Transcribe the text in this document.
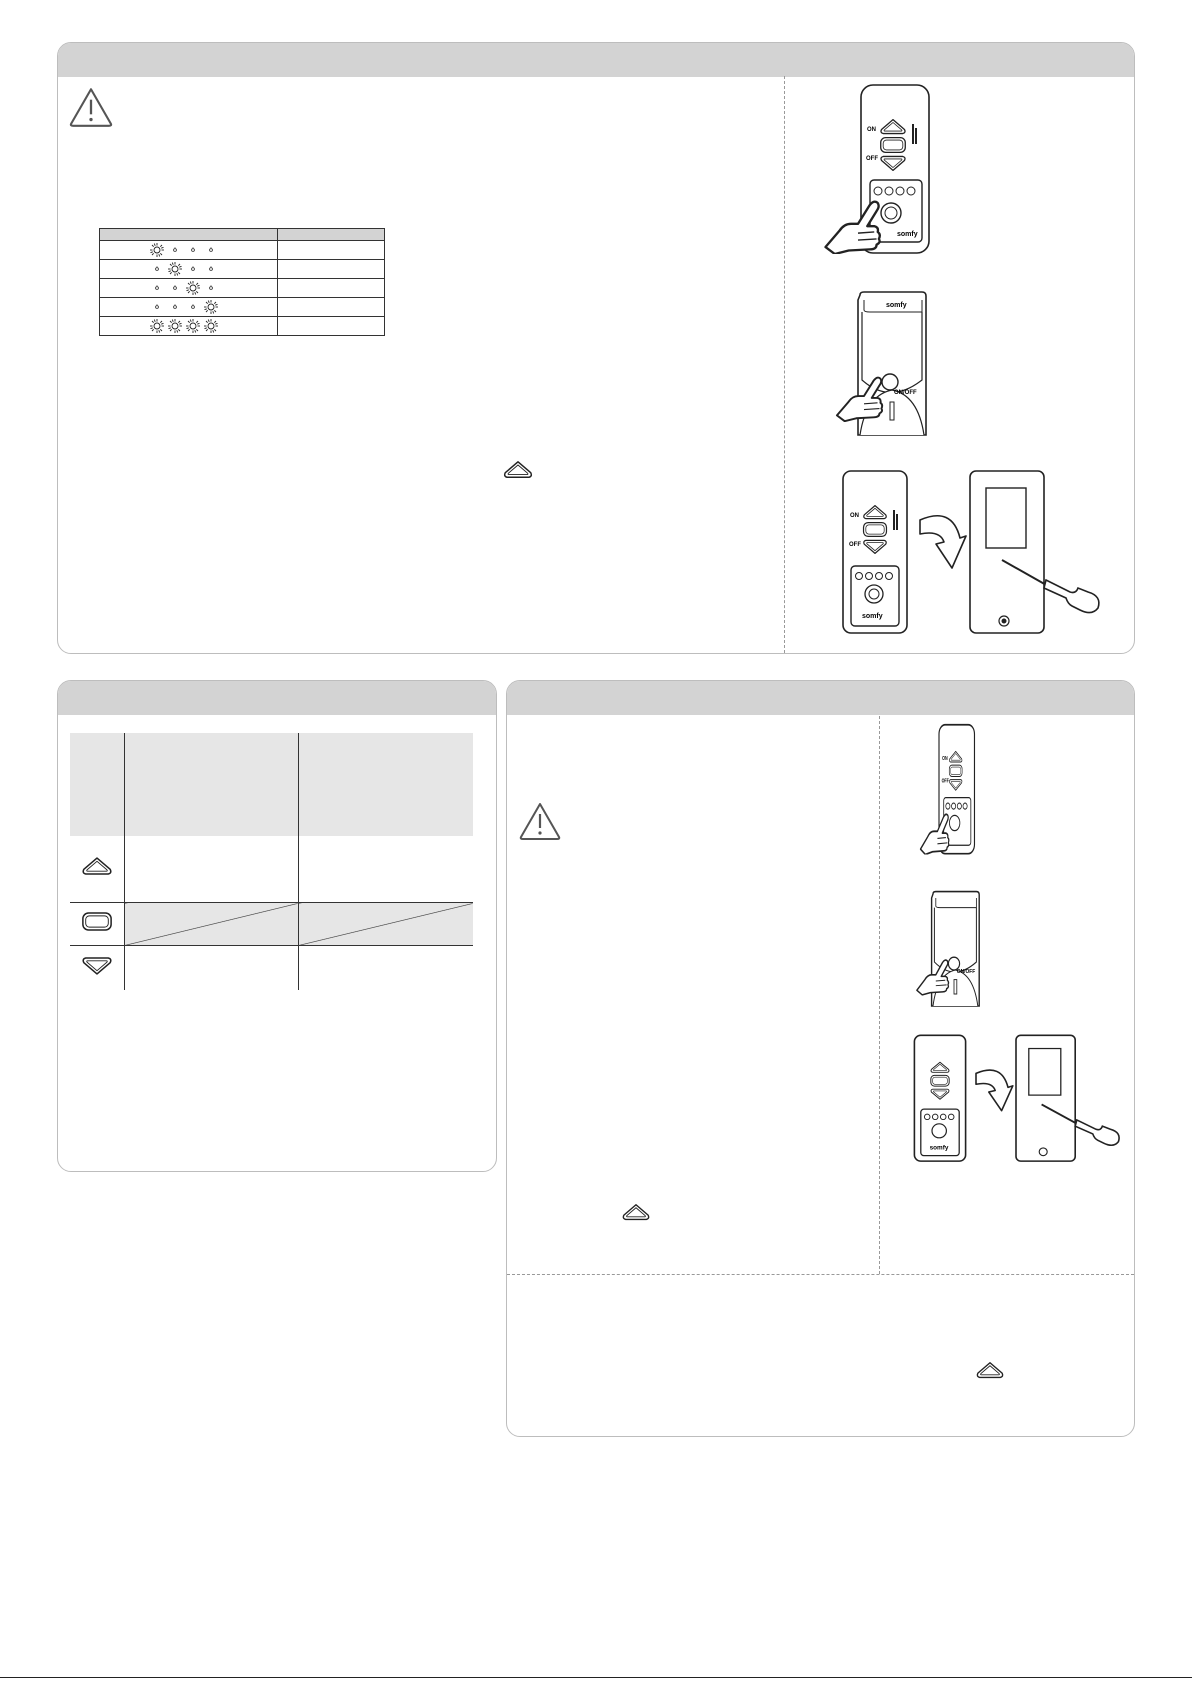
ON
OFF
somfy
somfy
ON/OFF
ON
OFF
somfy

ON
OFF
ON/OFF
somfy
